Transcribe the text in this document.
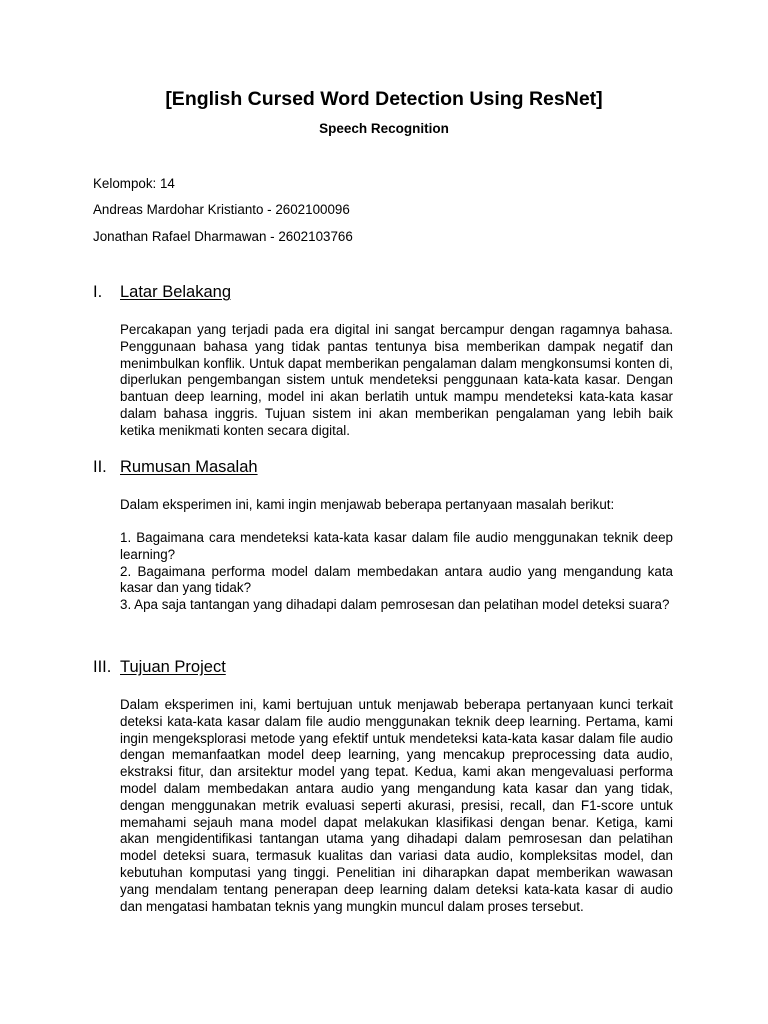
[English Cursed Word Detection Using ResNet]
Speech Recognition
Kelompok: 14
Andreas Mardohar Kristianto - 2602100096
Jonathan Rafael Dharmawan - 2602103766
I. Latar Belakang
Percakapan yang terjadi pada era digital ini sangat bercampur dengan ragamnya bahasa. Penggunaan bahasa yang tidak pantas tentunya bisa memberikan dampak negatif dan menimbulkan konflik. Untuk dapat memberikan pengalaman dalam mengkonsumsi konten di, diperlukan pengembangan sistem untuk mendeteksi penggunaan kata-kata kasar. Dengan bantuan deep learning, model ini akan berlatih untuk mampu mendeteksi kata-kata kasar dalam bahasa inggris. Tujuan sistem ini akan memberikan pengalaman yang lebih baik ketika menikmati konten secara digital.
II. Rumusan Masalah
Dalam eksperimen ini, kami ingin menjawab beberapa pertanyaan masalah berikut:
1. Bagaimana cara mendeteksi kata-kata kasar dalam file audio menggunakan teknik deep learning?
2. Bagaimana performa model dalam membedakan antara audio yang mengandung kata kasar dan yang tidak?
3. Apa saja tantangan yang dihadapi dalam pemrosesan dan pelatihan model deteksi suara?
III. Tujuan Project
Dalam eksperimen ini, kami bertujuan untuk menjawab beberapa pertanyaan kunci terkait deteksi kata-kata kasar dalam file audio menggunakan teknik deep learning. Pertama, kami ingin mengeksplorasi metode yang efektif untuk mendeteksi kata-kata kasar dalam file audio dengan memanfaatkan model deep learning, yang mencakup preprocessing data audio, ekstraksi fitur, dan arsitektur model yang tepat. Kedua, kami akan mengevaluasi performa model dalam membedakan antara audio yang mengandung kata kasar dan yang tidak, dengan menggunakan metrik evaluasi seperti akurasi, presisi, recall, dan F1-score untuk memahami sejauh mana model dapat melakukan klasifikasi dengan benar. Ketiga, kami akan mengidentifikasi tantangan utama yang dihadapi dalam pemrosesan dan pelatihan model deteksi suara, termasuk kualitas dan variasi data audio, kompleksitas model, dan kebutuhan komputasi yang tinggi. Penelitian ini diharapkan dapat memberikan wawasan yang mendalam tentang penerapan deep learning dalam deteksi kata-kata kasar di audio dan mengatasi hambatan teknis yang mungkin muncul dalam proses tersebut.
